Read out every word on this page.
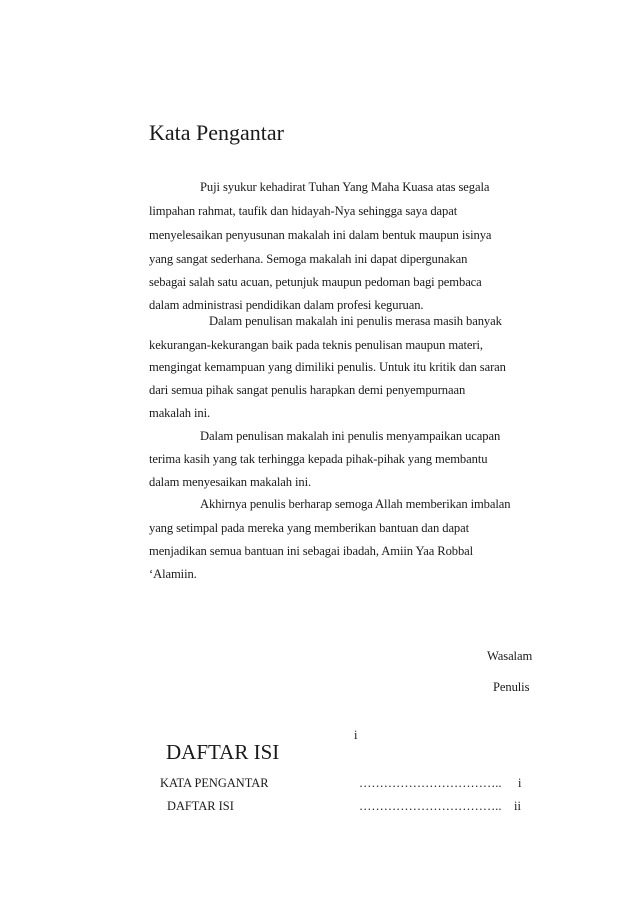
Kata Pengantar
Puji syukur kehadirat Tuhan Yang Maha Kuasa atas segala
limpahan rahmat, taufik dan hidayah-Nya sehingga saya dapat
menyelesaikan penyusunan makalah ini dalam bentuk maupun isinya
yang sangat sederhana. Semoga makalah ini dapat dipergunakan
sebagai salah satu acuan, petunjuk maupun pedoman bagi pembaca
dalam administrasi pendidikan dalam profesi keguruan.
Dalam penulisan makalah ini penulis merasa masih banyak
kekurangan-kekurangan baik pada teknis penulisan maupun materi,
mengingat kemampuan yang dimiliki penulis. Untuk itu kritik dan saran
dari semua pihak sangat penulis harapkan demi penyempurnaan
makalah ini.
Dalam penulisan makalah ini penulis menyampaikan ucapan
terima kasih yang tak terhingga kepada pihak-pihak yang membantu
dalam menyesaikan makalah ini.
Akhirnya penulis berharap semoga Allah memberikan imbalan
yang setimpal pada mereka yang memberikan bantuan dan dapat
menjadikan semua bantuan ini sebagai ibadah, Amiin Yaa Robbal
‘Alamiin.
Wasalam
Penulis
i
DAFTAR ISI
KATA PENGANTAR	…………………………….. i
DAFTAR ISI	…………………………….. ii
